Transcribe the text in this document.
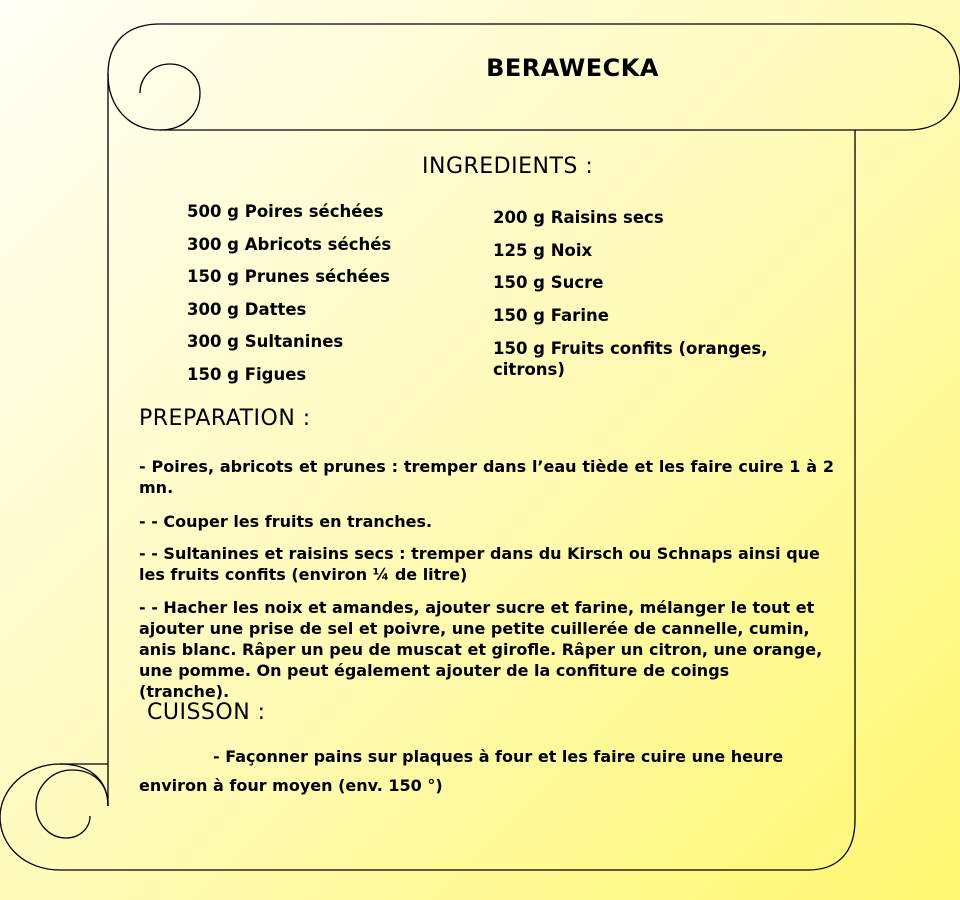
BERAWECKA
INGREDIENTS :
500 g Poires séchées
300 g Abricots séchés
150 g Prunes séchées
300 g Dattes
300 g Sultanines
150 g Figues
200 g Raisins secs
125 g Noix
150 g Sucre
150 g Farine
150 g Fruits confits (oranges,
citrons)
PREPARATION :
- Poires, abricots et prunes : tremper dans l’eau tiède et les faire cuire 1 à 2 mn.
- - Couper les fruits en tranches.
- - Sultanines et raisins secs : tremper dans du Kirsch ou Schnaps ainsi que les fruits confits (environ ¼ de litre)
- - Hacher les noix et amandes, ajouter sucre et farine, mélanger le tout et ajouter une prise de sel et poivre, une petite cuillerée de cannelle, cumin, anis blanc. Râper un peu de muscat et girofle. Râper un citron, une orange, une pomme. On peut également ajouter de la confiture de coings (tranche).
CUISSON :
- Façonner pains sur plaques à four et les faire cuire une heure
environ à four moyen (env. 150 °)
